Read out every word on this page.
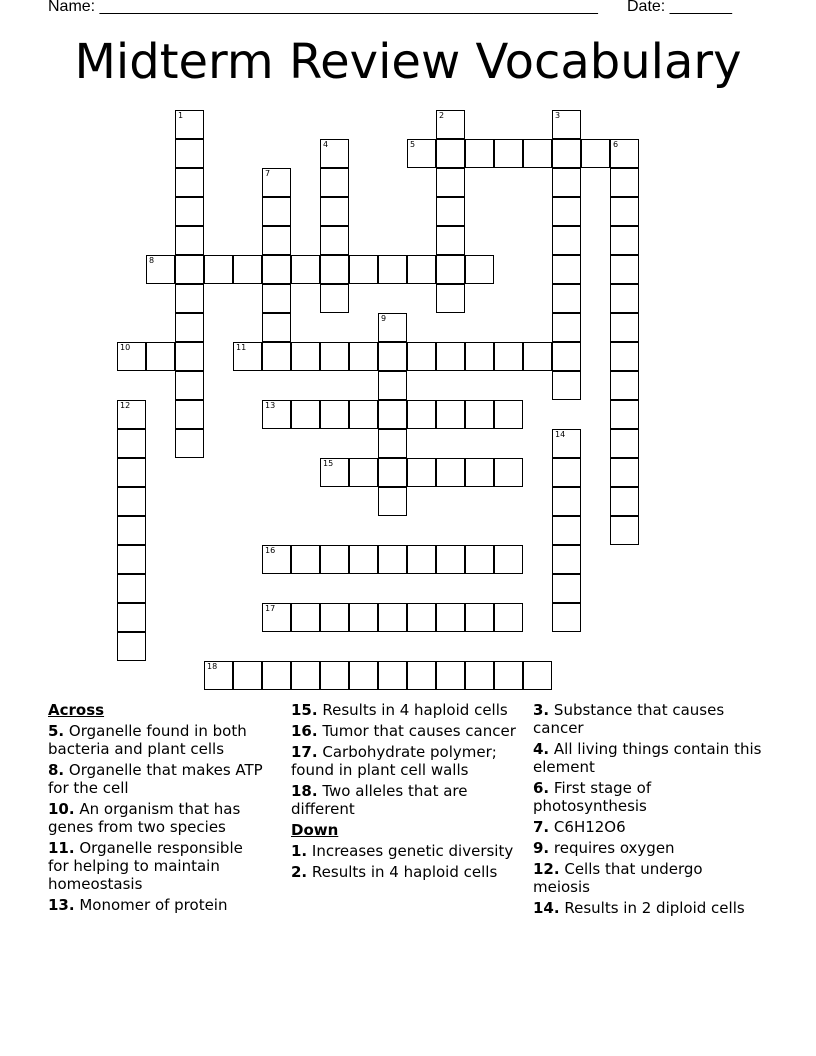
Name: ________________________________________________________ Date: _______
Midterm Review Vocabulary
1	2	3
4	5	6
7
8
9
10	11
12	13
14
15
16
17
18
Across
5. Organelle found in both bacteria and plant cells
8. Organelle that makes ATP for the cell
10. An organism that has genes from two species
11. Organelle responsible for helping to maintain homeostasis
13. Monomer of protein
15. Results in 4 haploid cells
16. Tumor that causes cancer
17. Carbohydrate polymer; found in plant cell walls
18. Two alleles that are different
Down
1. Increases genetic diversity
2. Results in 4 haploid cells
3. Substance that causes cancer
4. All living things contain this element
6. First stage of photosynthesis
7. C6H12O6
9. requires oxygen
12. Cells that undergo meiosis
14. Results in 2 diploid cells
